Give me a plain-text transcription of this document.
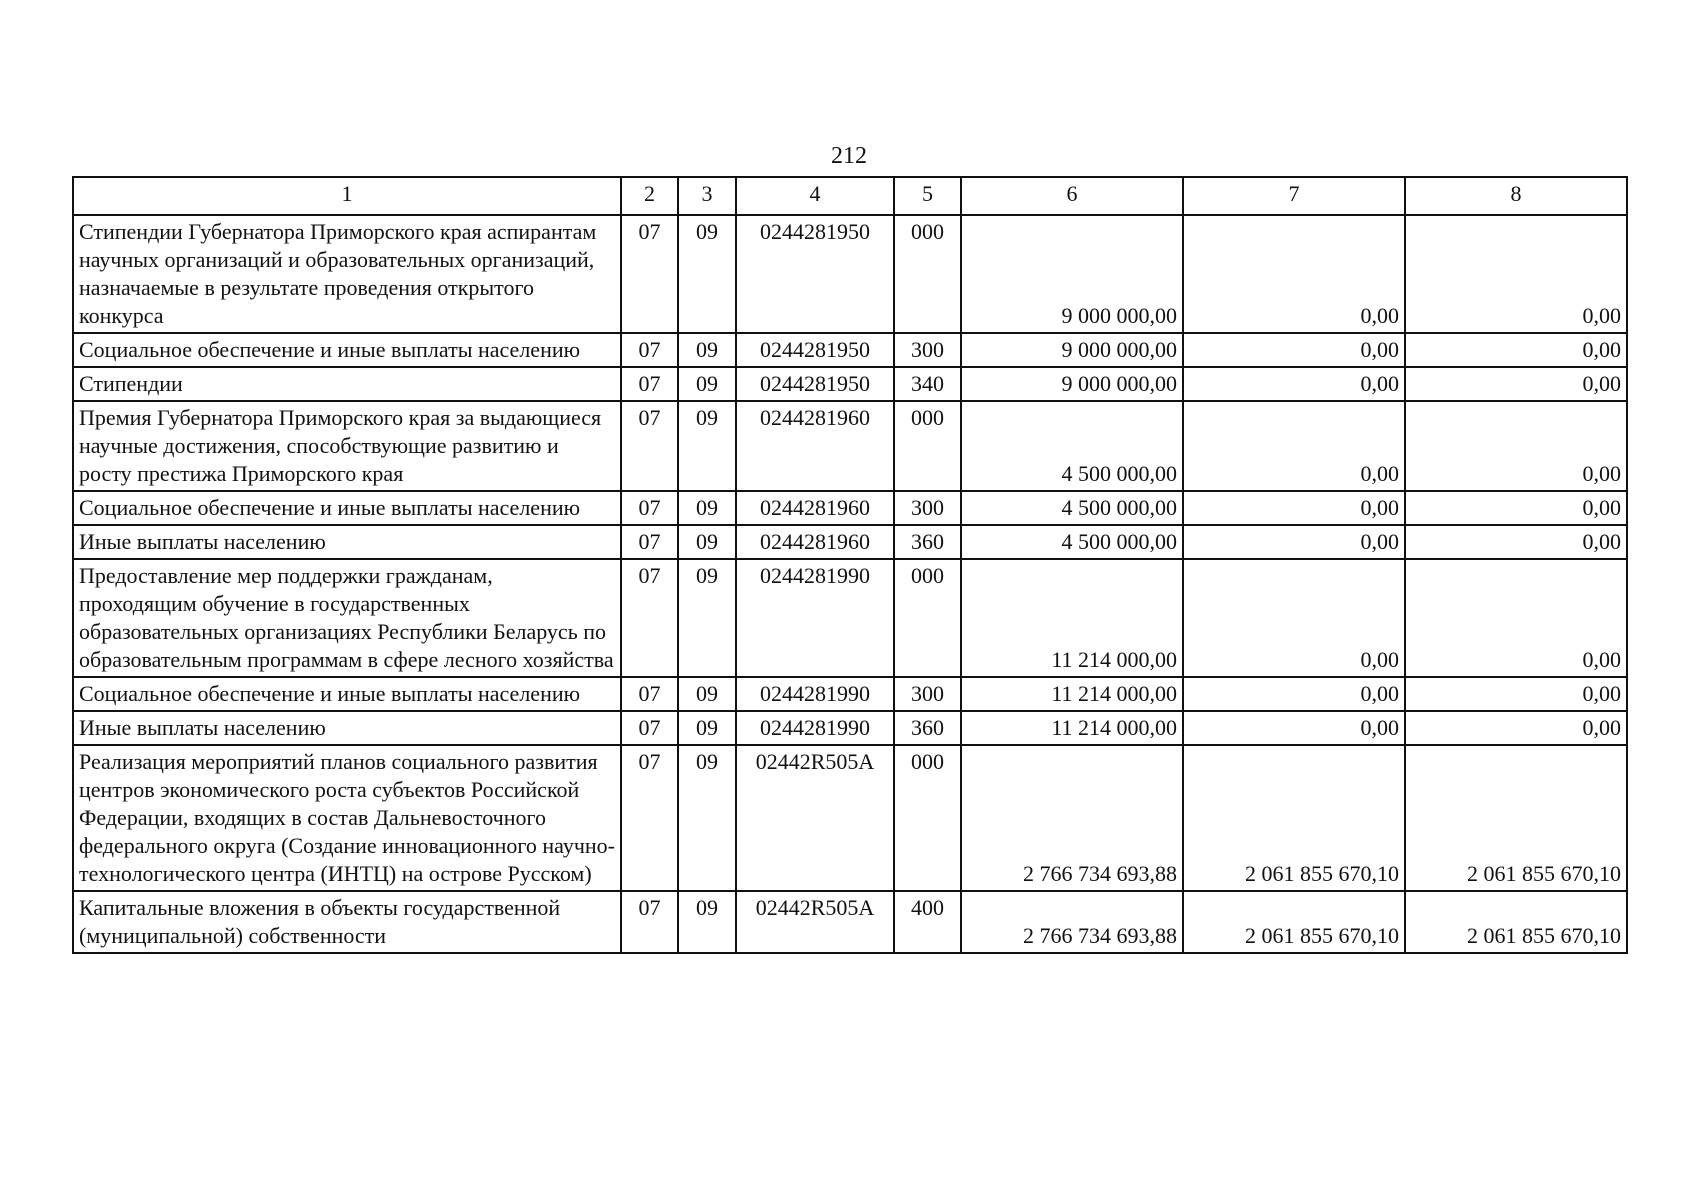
212
1	2	3	4	5	6	7	8
Стипендии Губернатора Приморского края аспирантам научных организаций и образовательных организаций, назначаемые в результате проведения открытого конкурса	07	09	0244281950	000	9 000 000,00	0,00	0,00
Социальное обеспечение и иные выплаты населению	07	09	0244281950	300	9 000 000,00	0,00	0,00
Стипендии	07	09	0244281950	340	9 000 000,00	0,00	0,00
Премия Губернатора Приморского края за выдающиеся научные достижения, способствующие развитию и росту престижа Приморского края	07	09	0244281960	000	4 500 000,00	0,00	0,00
Социальное обеспечение и иные выплаты населению	07	09	0244281960	300	4 500 000,00	0,00	0,00
Иные выплаты населению	07	09	0244281960	360	4 500 000,00	0,00	0,00
Предоставление мер поддержки гражданам, проходящим обучение в государственных образовательных организациях Республики Беларусь по образовательным программам в сфере лесного хозяйства	07	09	0244281990	000	11 214 000,00	0,00	0,00
Социальное обеспечение и иные выплаты населению	07	09	0244281990	300	11 214 000,00	0,00	0,00
Иные выплаты населению	07	09	0244281990	360	11 214 000,00	0,00	0,00
Реализация мероприятий планов социального развития центров экономического роста субъектов Российской Федерации, входящих в состав Дальневосточного федерального округа (Создание инновационного научно-технологического центра (ИНТЦ) на острове Русском)	07	09	02442R505A	000	2 766 734 693,88	2 061 855 670,10	2 061 855 670,10
Капитальные вложения в объекты государственной (муниципальной) собственности	07	09	02442R505A	400	2 766 734 693,88	2 061 855 670,10	2 061 855 670,10
